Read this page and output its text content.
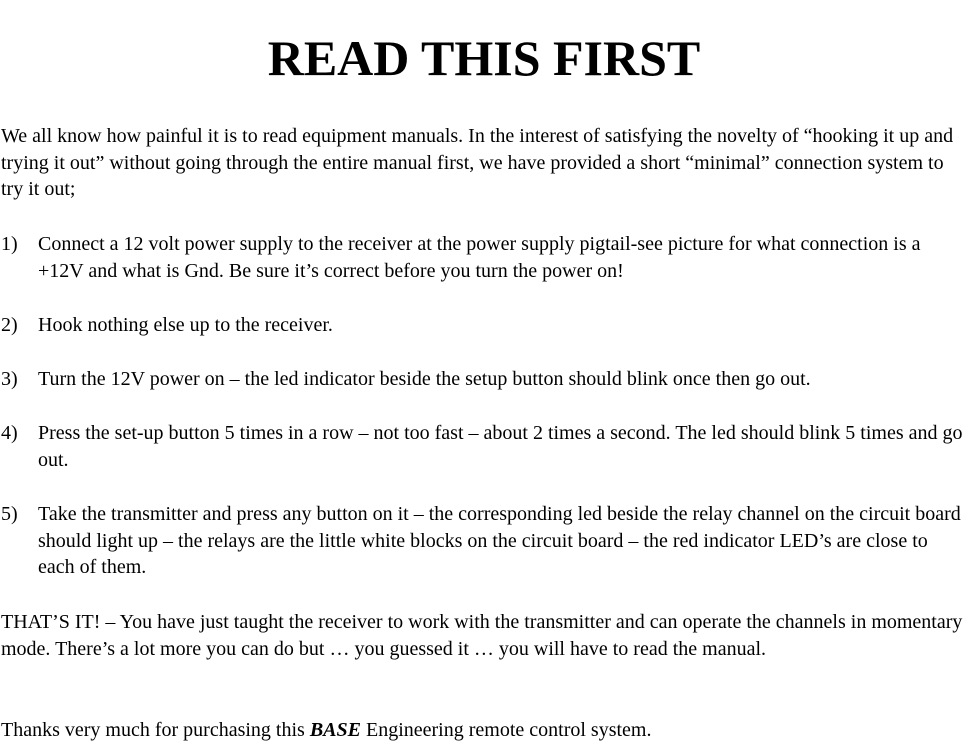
READ THIS FIRST

We all know how painful it is to read equipment manuals. In the interest of satisfying the novelty of “hooking it up and trying it out” without going through the entire manual first, we have provided a short “minimal” connection system to try it out;

1) Connect a 12 volt power supply to the receiver at the power supply pigtail-see picture for what connection is a +12V and what is Gnd. Be sure it’s correct before you turn the power on!
2) Hook nothing else up to the receiver.
3) Turn the 12V power on – the led indicator beside the setup button should blink once then go out.
4) Press the set-up button 5 times in a row – not too fast – about 2 times a second. The led should blink 5 times and go out.
5) Take the transmitter and press any button on it – the corresponding led beside the relay channel on the circuit board should light up – the relays are the little white blocks on the circuit board – the red indicator LED’s are close to each of them.

THAT’S IT! – You have just taught the receiver to work with the transmitter and can operate the channels in momentary mode. There’s a lot more you can do but … you guessed it … you will have to read the manual.

Thanks very much for purchasing this BASE Engineering remote control system.
